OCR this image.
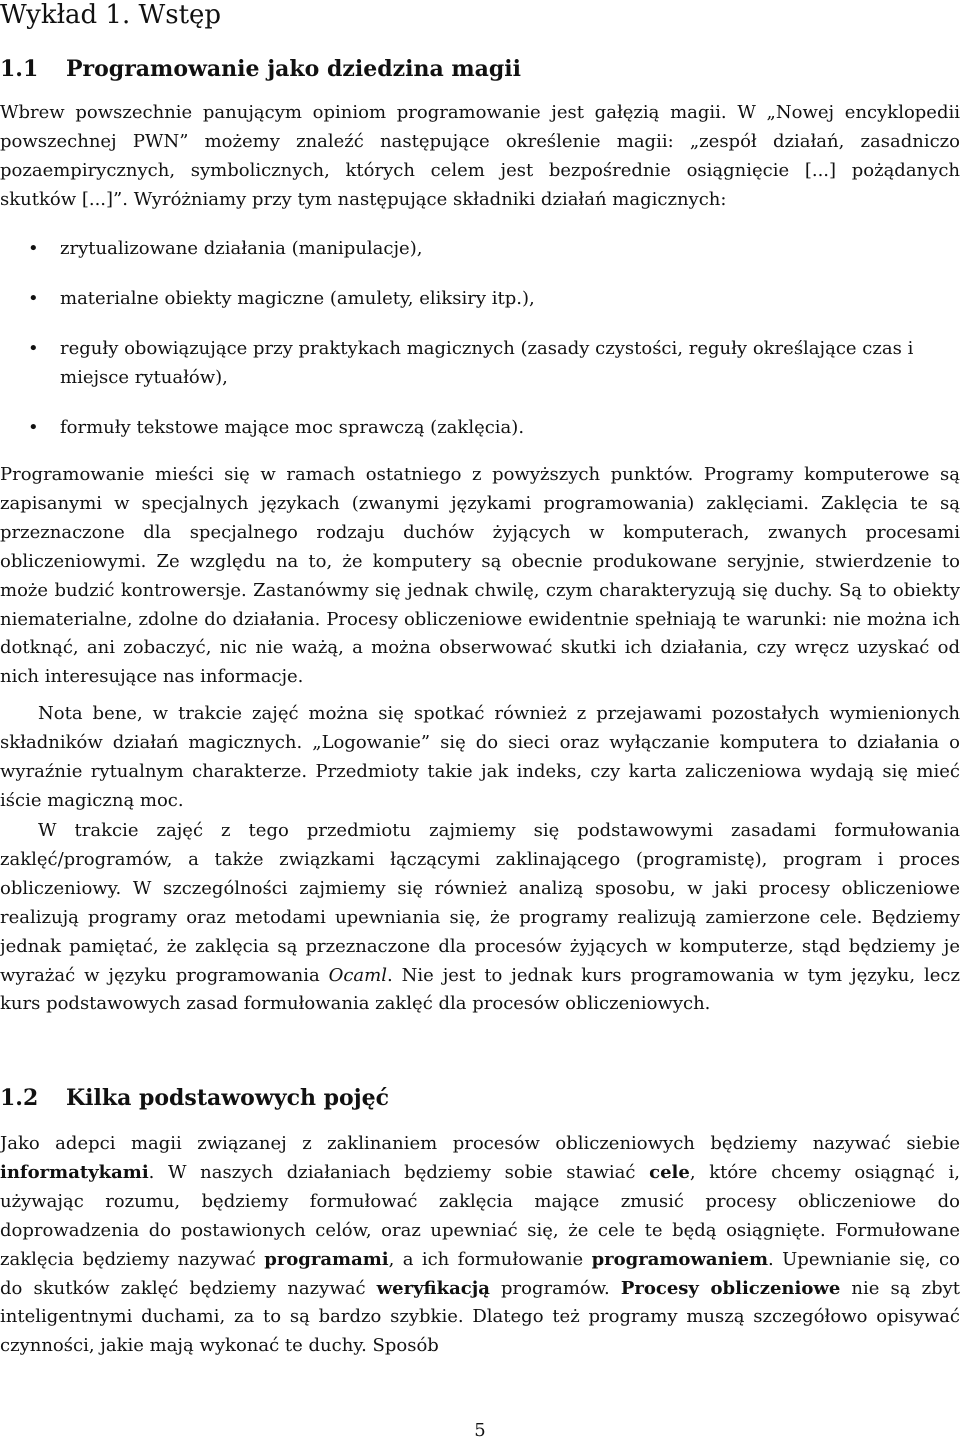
Wykład 1. Wstęp
1.1 Programowanie jako dziedzina magii

Wbrew powszechnie panującym opiniom programowanie jest gałęzią magii. W „Nowej encyklopedii powszechnej PWN” możemy znaleźć następujące określenie magii: „zespół działań, zasadniczo pozaempirycznych, symbolicznych, których celem jest bezpośrednie osiągnięcie [...] pożądanych skutków [...]”. Wyróżniamy przy tym następujące składniki działań magicznych:

• zrytualizowane działania (manipulacje),
• materialne obiekty magiczne (amulety, eliksiry itp.),
• reguły obowiązujące przy praktykach magicznych (zasady czystości, reguły określające czas i miejsce rytuałów),
• formuły tekstowe mające moc sprawczą (zaklęcia).

Programowanie mieści się w ramach ostatniego z powyższych punktów. Programy komputerowe są zapisanymi w specjalnych językach (zwanymi językami programowania) zaklęciami. Zaklęcia te są przeznaczone dla specjalnego rodzaju duchów żyjących w komputerach, zwanych procesami obliczeniowymi. Ze względu na to, że komputery są obecnie produkowane seryjnie, stwierdzenie to może budzić kontrowersje. Zastanówmy się jednak chwilę, czym charakteryzują się duchy. Są to obiekty niematerialne, zdolne do działania. Procesy obliczeniowe ewidentnie spełniają te warunki: nie można ich dotknąć, ani zobaczyć, nic nie ważą, a można obserwować skutki ich działania, czy wręcz uzyskać od nich interesujące nas informacje.

Nota bene, w trakcie zajęć można się spotkać również z przejawami pozostałych wymienionych składników działań magicznych. „Logowanie” się do sieci oraz wyłączanie komputera to działania o wyraźnie rytualnym charakterze. Przedmioty takie jak indeks, czy karta zaliczeniowa wydają się mieć iście magiczną moc.

W trakcie zajęć z tego przedmiotu zajmiemy się podstawowymi zasadami formułowania zaklęć/programów, a także związkami łączącymi zaklinającego (programistę), program i proces obliczeniowy. W szczególności zajmiemy się również analizą sposobu, w jaki procesy obliczeniowe realizują programy oraz metodami upewniania się, że programy realizują zamierzone cele. Będziemy jednak pamiętać, że zaklęcia są przeznaczone dla procesów żyjących w komputerze, stąd będziemy je wyrażać w języku programowania Ocaml. Nie jest to jednak kurs programowania w tym języku, lecz kurs podstawowych zasad formułowania zaklęć dla procesów obliczeniowych.

1.2 Kilka podstawowych pojęć

Jako adepci magii związanej z zaklinaniem procesów obliczeniowych będziemy nazywać siebie informatykami. W naszych działaniach będziemy sobie stawiać cele, które chcemy osiągnąć i, używając rozumu, będziemy formułować zaklęcia mające zmusić procesy obliczeniowe do doprowadzenia do postawionych celów, oraz upewniać się, że cele te będą osiągnięte. Formułowane zaklęcia będziemy nazywać programami, a ich formułowanie programowaniem. Upewnianie się, co do skutków zaklęć będziemy nazywać weryfikacją programów. Procesy obliczeniowe nie są zbyt inteligentnymi duchami, za to są bardzo szybkie. Dlatego też programy muszą szczegółowo opisywać czynności, jakie mają wykonać te duchy. Sposób

5
